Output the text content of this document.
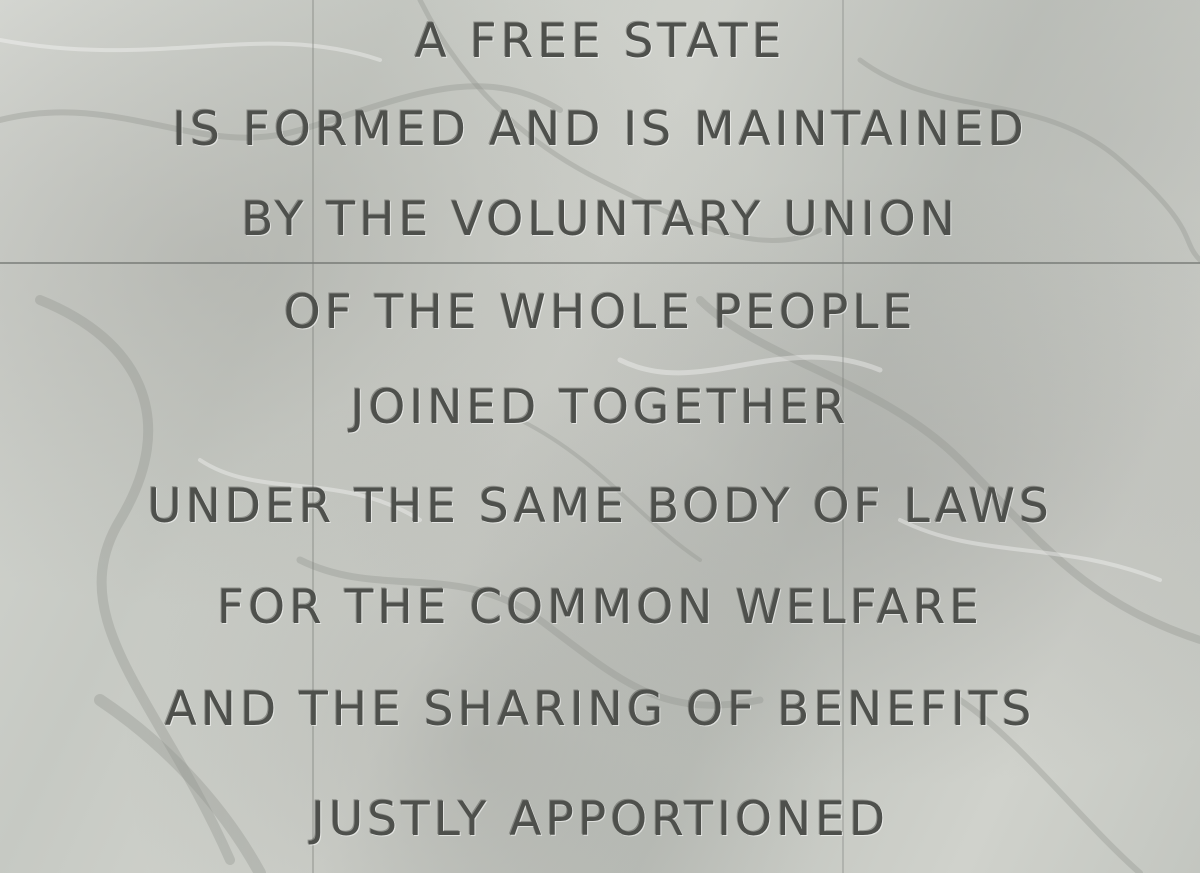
A FREE STATE
IS FORMED AND IS MAINTAINED
BY THE VOLUNTARY UNION
OF THE WHOLE PEOPLE
JOINED TOGETHER
UNDER THE SAME BODY OF LAWS
FOR THE COMMON WELFARE
AND THE SHARING OF BENEFITS
JUSTLY APPORTIONED
